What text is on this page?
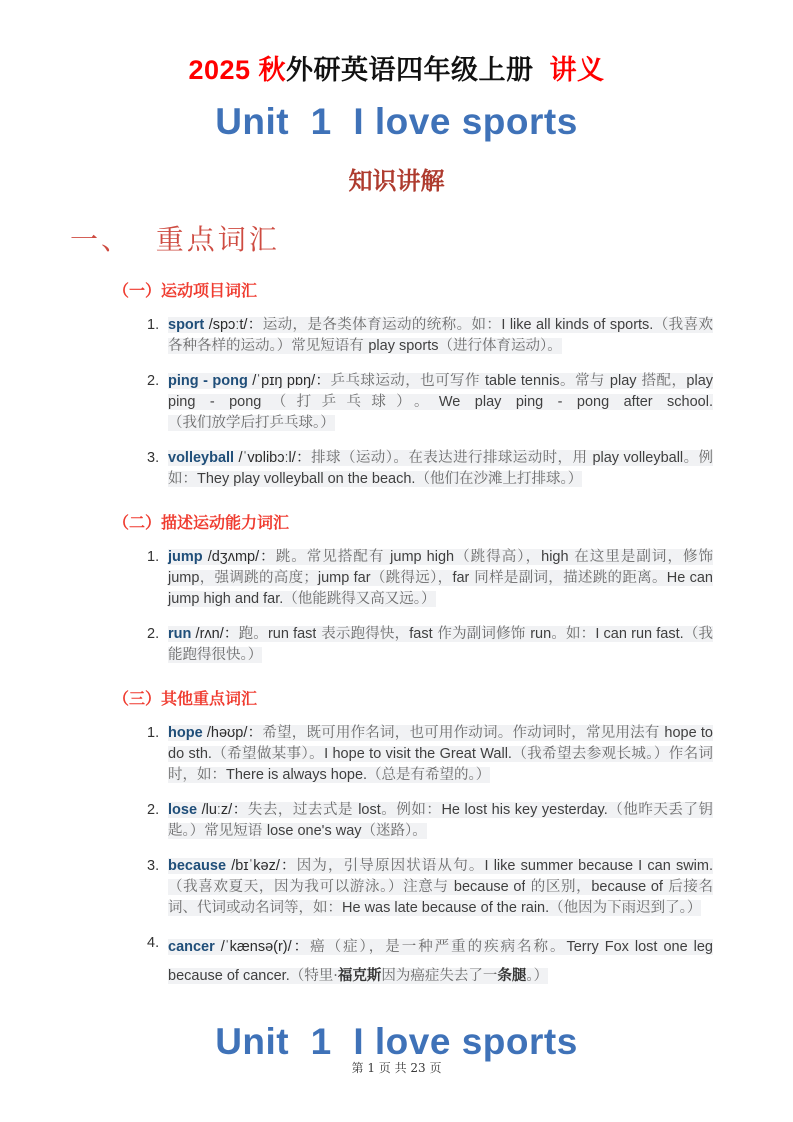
2025 秋外研英语四年级上册  讲义
Unit  1  I love sports
知识讲解
一、  重点词汇
（一）运动项目词汇
1. sport /spɔːt/：运动，是各类体育运动的统称。如：I like all kinds of sports.（我喜欢各种各样的运动。）常见短语有 play sports（进行体育运动）。
2. ping - pong /ˈpɪŋ pɒŋ/：乒乓球运动，也可写作 table tennis。常与 play 搭配，play ping - pong（打乒乓球）。We play ping - pong after school.（我们放学后打乒乓球。）
3. volleyball /ˈvɒlibɔːl/：排球（运动）。在表达进行排球运动时，用 play volleyball。例如：They play volleyball on the beach.（他们在沙滩上打排球。）
（二）描述运动能力词汇
1. jump /dʒʌmp/：跳。常见搭配有 jump high（跳得高），high 在这里是副词，修饰 jump，强调跳的高度；jump far（跳得远），far 同样是副词，描述跳的距离。He can jump high and far.（他能跳得又高又远。）
2. run /rʌn/：跑。run fast 表示跑得快，fast 作为副词修饰 run。如：I can run fast.（我能跑得很快。）
（三）其他重点词汇
1. hope /həʊp/：希望，既可用作名词，也可用作动词。作动词时，常见用法有 hope to do sth.（希望做某事）。I hope to visit the Great Wall.（我希望去参观长城。）作名词时，如：There is always hope.（总是有希望的。）
2. lose /luːz/：失去，过去式是 lost。例如：He lost his key yesterday.（他昨天丢了钥匙。）常见短语 lose one's way（迷路）。
3. because /bɪˈkəz/：因为，引导原因状语从句。I like summer because I can swim.（我喜欢夏天，因为我可以游泳。）注意与 because of 的区别，because of 后接名词、代词或动名词等，如：He was late because of the rain.（他因为下雨迟到了。）
4. cancer /ˈkænsə(r)/：癌（症），是一种严重的疾病名称。Terry Fox lost one leg because of cancer.（特里·福克斯因为癌症失去了一条腿。）
Unit  1  I love sports
第 1 页 共 23 页
